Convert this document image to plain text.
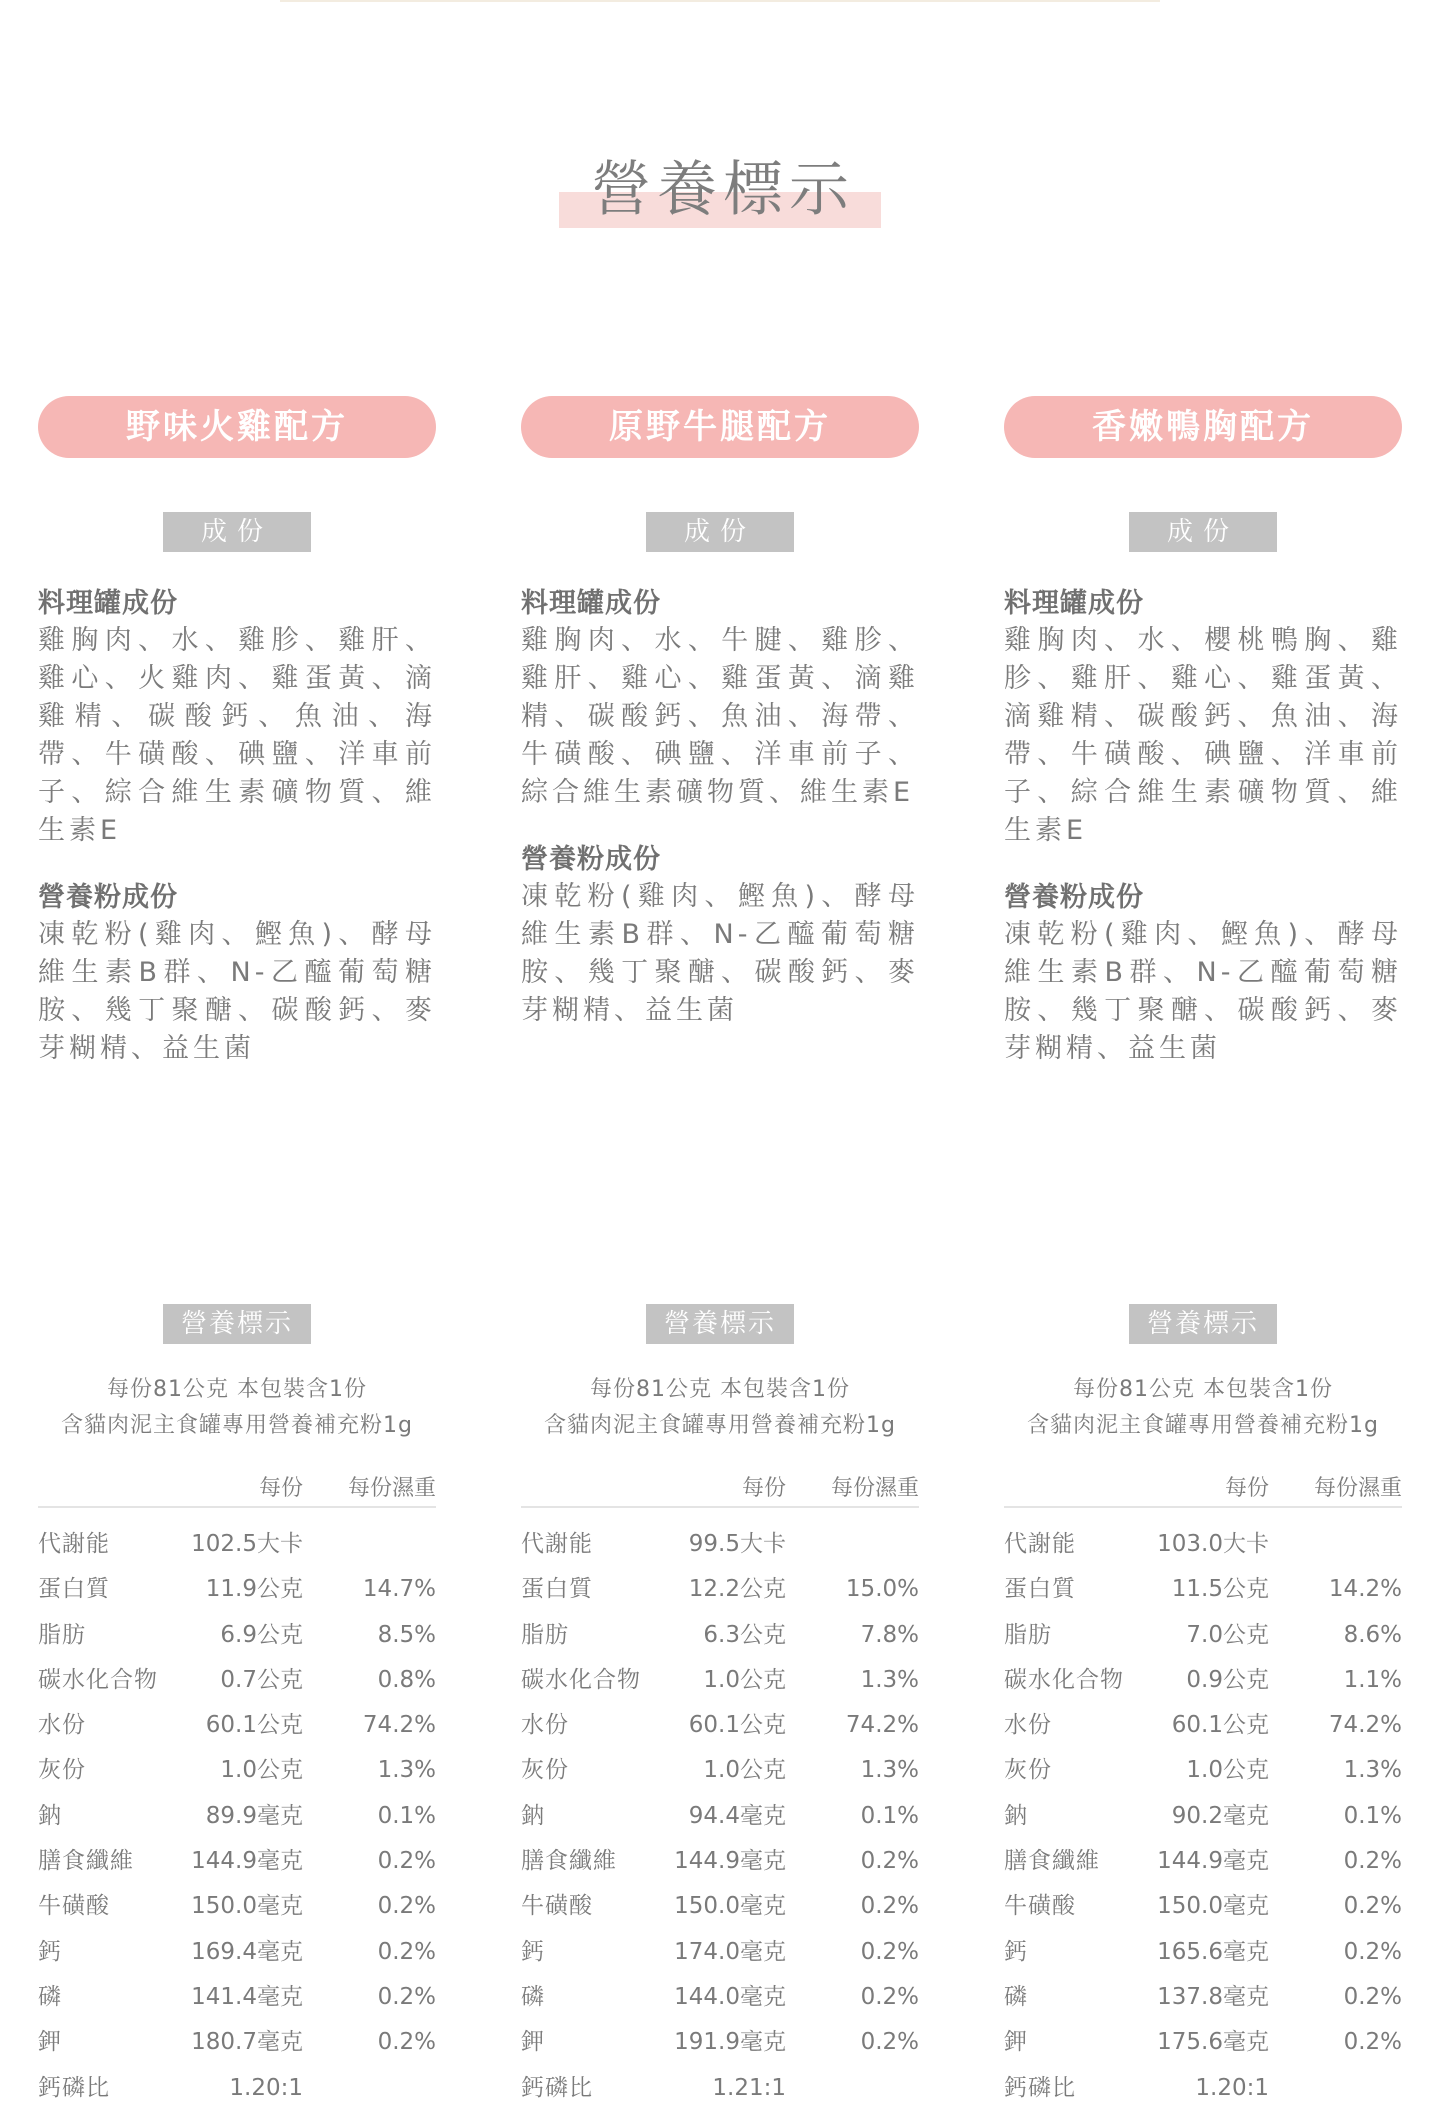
營養標示
野味火雞配方
成份
料理罐成份
雞胸肉、水、雞胗、雞肝、雞心、火雞肉、雞蛋黃、滴雞精、碳酸鈣、魚油、海帶、牛磺酸、碘鹽、洋車前子、綜合維生素礦物質、維生素E
營養粉成份
凍乾粉(雞肉、鰹魚)、酵母維生素B群、N-乙醯葡萄糖胺、幾丁聚醣、碳酸鈣、麥芽糊精、益生菌
營養標示
每份81公克 本包裝含1份
含貓肉泥主食罐專用營養補充粉1g
每份	每份濕重
代謝能	102.5大卡
蛋白質	11.9公克	14.7%
脂肪	6.9公克	8.5%
碳水化合物	0.7公克	0.8%
水份	60.1公克	74.2%
灰份	1.0公克	1.3%
鈉	89.9毫克	0.1%
膳食纖維	144.9毫克	0.2%
牛磺酸	150.0毫克	0.2%
鈣	169.4毫克	0.2%
磷	141.4毫克	0.2%
鉀	180.7毫克	0.2%
鈣磷比	1.20:1
原野牛腿配方
成份
料理罐成份
雞胸肉、水、牛腱、雞胗、雞肝、雞心、雞蛋黃、滴雞精、碳酸鈣、魚油、海帶、牛磺酸、碘鹽、洋車前子、綜合維生素礦物質、維生素E
營養粉成份
凍乾粉(雞肉、鰹魚)、酵母維生素B群、N-乙醯葡萄糖胺、幾丁聚醣、碳酸鈣、麥芽糊精、益生菌
營養標示
每份81公克 本包裝含1份
含貓肉泥主食罐專用營養補充粉1g
每份	每份濕重
代謝能	99.5大卡
蛋白質	12.2公克	15.0%
脂肪	6.3公克	7.8%
碳水化合物	1.0公克	1.3%
水份	60.1公克	74.2%
灰份	1.0公克	1.3%
鈉	94.4毫克	0.1%
膳食纖維	144.9毫克	0.2%
牛磺酸	150.0毫克	0.2%
鈣	174.0毫克	0.2%
磷	144.0毫克	0.2%
鉀	191.9毫克	0.2%
鈣磷比	1.21:1
香嫩鴨胸配方
成份
料理罐成份
雞胸肉、水、櫻桃鴨胸、雞胗、雞肝、雞心、雞蛋黃、滴雞精、碳酸鈣、魚油、海帶、牛磺酸、碘鹽、洋車前子、綜合維生素礦物質、維生素E
營養粉成份
凍乾粉(雞肉、鰹魚)、酵母維生素B群、N-乙醯葡萄糖胺、幾丁聚醣、碳酸鈣、麥芽糊精、益生菌
營養標示
每份81公克 本包裝含1份
含貓肉泥主食罐專用營養補充粉1g
每份	每份濕重
代謝能	103.0大卡
蛋白質	11.5公克	14.2%
脂肪	7.0公克	8.6%
碳水化合物	0.9公克	1.1%
水份	60.1公克	74.2%
灰份	1.0公克	1.3%
鈉	90.2毫克	0.1%
膳食纖維	144.9毫克	0.2%
牛磺酸	150.0毫克	0.2%
鈣	165.6毫克	0.2%
磷	137.8毫克	0.2%
鉀	175.6毫克	0.2%
鈣磷比	1.20:1
